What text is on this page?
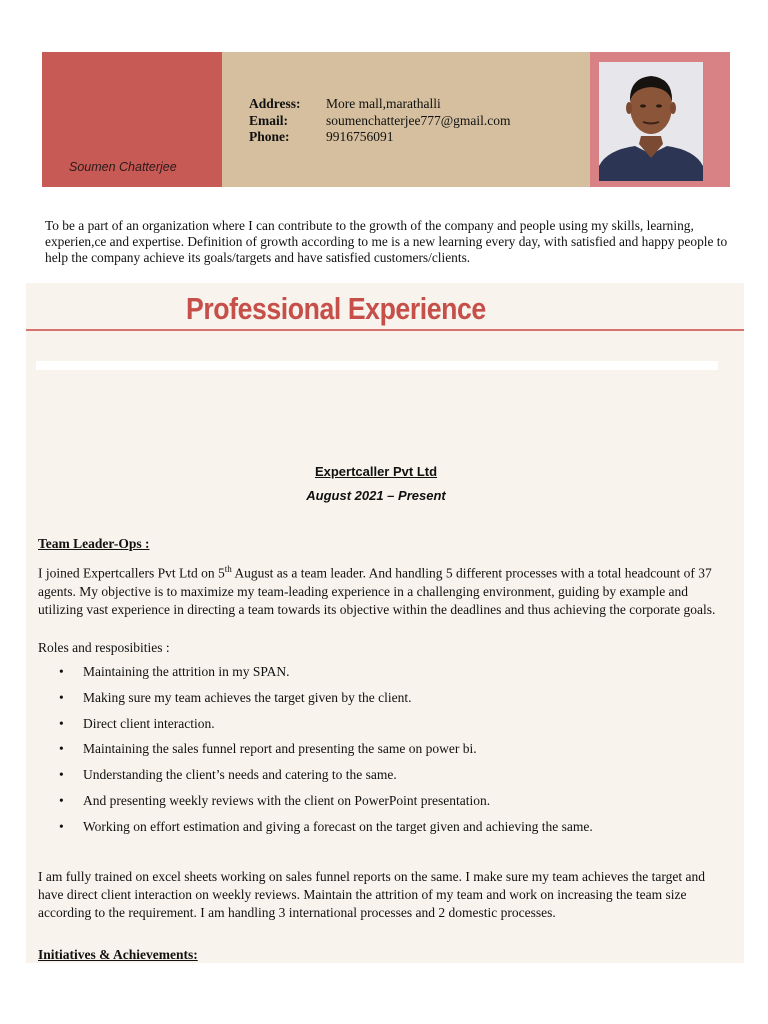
Soumen Chatterjee
Address:	More mall,marathalli
Email:	soumenchatterjee777@gmail.com
Phone:	9916756091
To be a part of an organization where I can contribute to the growth of the company and people using my skills, learning, experien,ce and expertise. Definition of growth according to me is a new learning every day, with satisfied and happy people to help the company achieve its goals/targets and have satisfied customers/clients.
Professional Experience
Expertcaller Pvt Ltd
August 2021 – Present
Team Leader-Ops :
I joined Expertcallers Pvt Ltd on 5th August as a team leader. And handling 5 different processes with a total headcount of 37 agents. My objective is to maximize my team-leading experience in a challenging environment, guiding by example and utilizing vast experience in directing a team towards its objective within the deadlines and thus achieving the corporate goals.
Roles and resposibities :
• Maintaining the attrition in my SPAN.
• Making sure my team achieves the target given by the client.
• Direct client interaction.
• Maintaining the sales funnel report and presenting the same on power bi.
• Understanding the client’s needs and catering to the same.
• And presenting weekly reviews with the client on PowerPoint presentation.
• Working on effort estimation and giving a forecast on the target given and achieving the same.
I am fully trained on excel sheets working on sales funnel reports on the same. I make sure my team achieves the target and have direct client interaction on weekly reviews. Maintain the attrition of my team and work on increasing the team size according to the requirement. I am handling 3 international processes and 2 domestic processes.
Initiatives & Achievements:
